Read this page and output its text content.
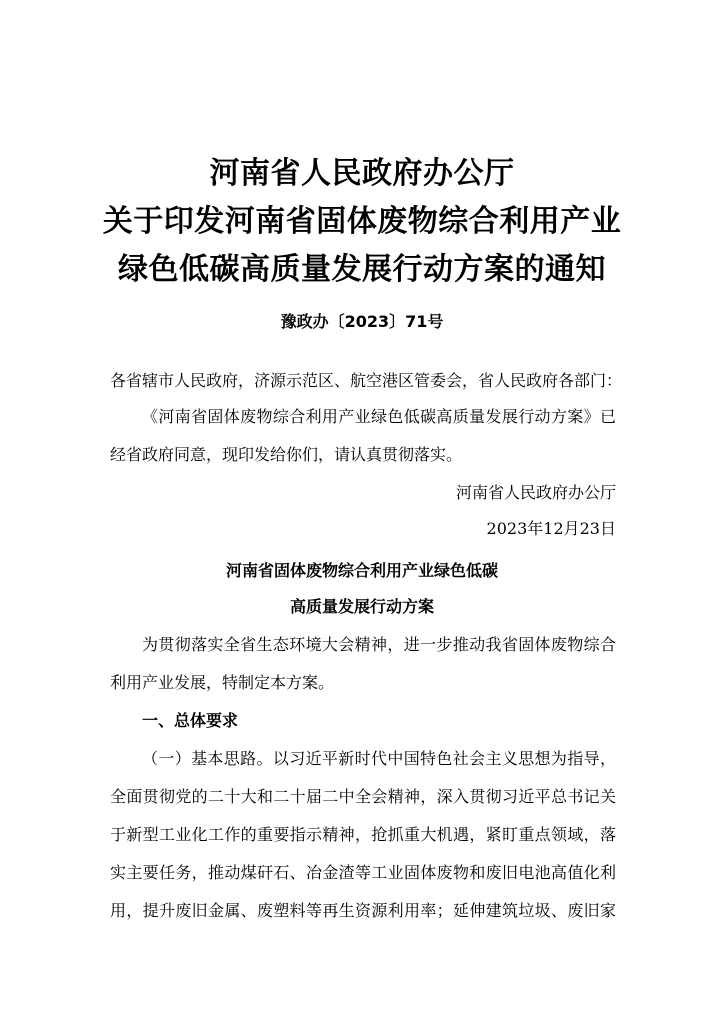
河南省人民政府办公厅
关于印发河南省固体废物综合利用产业
绿色低碳高质量发展行动方案的通知
豫政办〔2023〕71号
各省辖市人民政府，济源示范区、航空港区管委会，省人民政府各部门：
《河南省固体废物综合利用产业绿色低碳高质量发展行动方案》已
经省政府同意，现印发给你们，请认真贯彻落实。
河南省人民政府办公厅
2023年12月23日
河南省固体废物综合利用产业绿色低碳
高质量发展行动方案
为贯彻落实全省生态环境大会精神，进一步推动我省固体废物综合
利用产业发展，特制定本方案。
一、总体要求
（一）基本思路。以习近平新时代中国特色社会主义思想为指导，
全面贯彻党的二十大和二十届二中全会精神，深入贯彻习近平总书记关
于新型工业化工作的重要指示精神，抢抓重大机遇，紧盯重点领域，落
实主要任务，推动煤矸石、冶金渣等工业固体废物和废旧电池高值化利
用，提升废旧金属、废塑料等再生资源利用率；延伸建筑垃圾、废旧家
